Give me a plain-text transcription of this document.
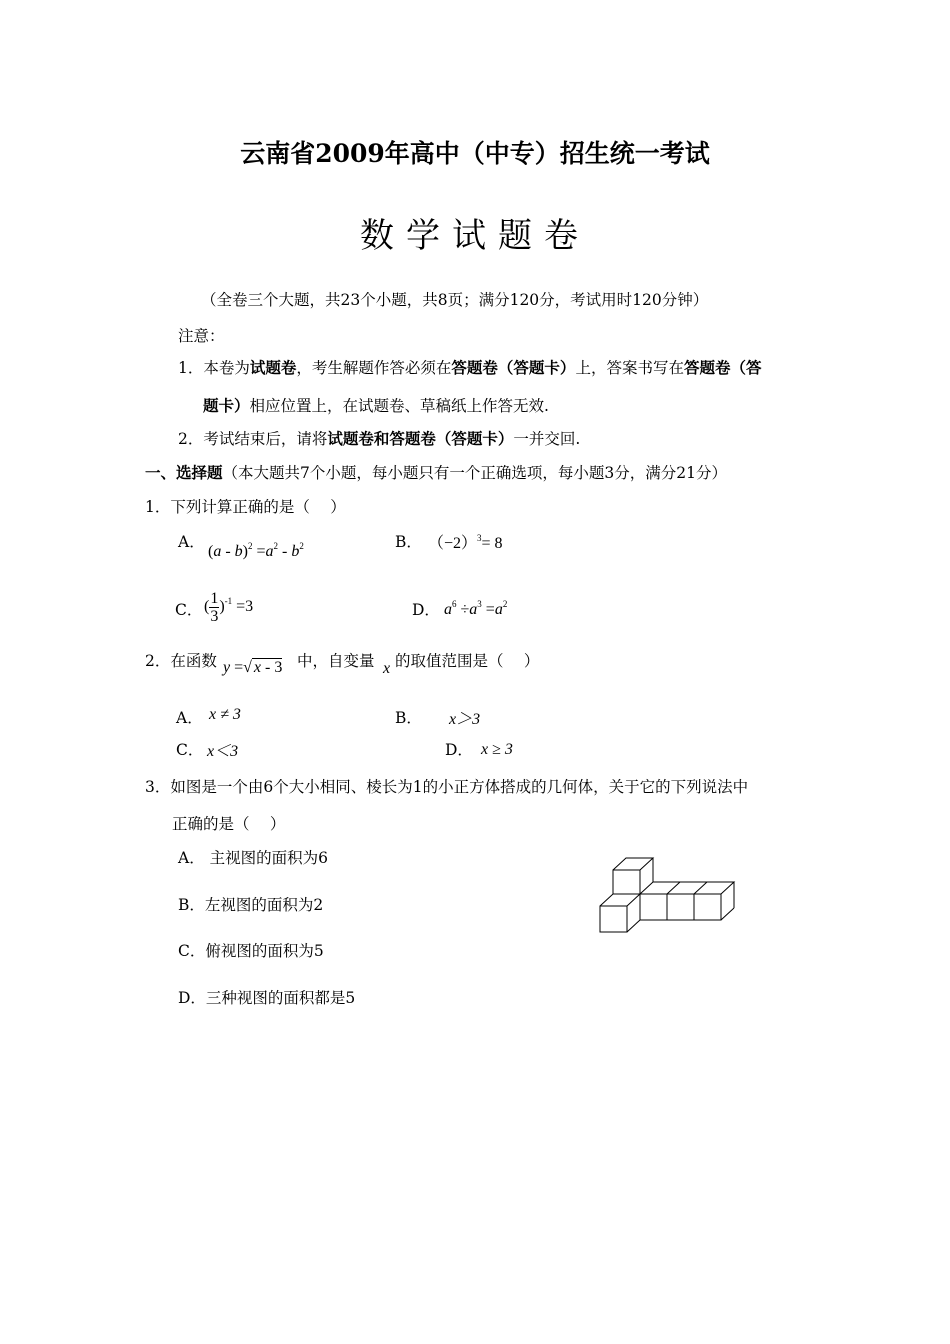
云南省2009年高中（中专）招生统一考试
数学试题卷
（全卷三个大题，共23个小题，共8页；满分120分，考试用时120分钟）
注意：
1．本卷为试题卷，考生解题作答必须在答题卷（答题卡）上，答案书写在答题卷（答
题卡）相应位置上，在试题卷、草稿纸上作答无效.
2．考试结束后，请将试题卷和答题卷（答题卡）一并交回.
一、选择题（本大题共7个小题，每小题只有一个正确选项，每小题3分，满分21分）
1．下列计算正确的是（　 ）
A．
$(a - b)^2 =a^2 - b^2$	B． $(-2)^3= 8$
C． ( $\frac{1}{3} )^{-1} =3$	D． $a^6 \div a^3 =a^2$
2．在函数 y =√ x - 3 中，自变量 x 的取值范围是（　 ）
A． x ≠ 3	B． x＞3
C． x＜3	D． x ≥ 3
3．如图是一个由6个大小相同、棱长为1的小正方体搭成的几何体，关于它的下列说法中
正确的是（　 ）
A． 主视图的面积为6
B．左视图的面积为2
C．俯视图的面积为5
D．三种视图的面积都是5
